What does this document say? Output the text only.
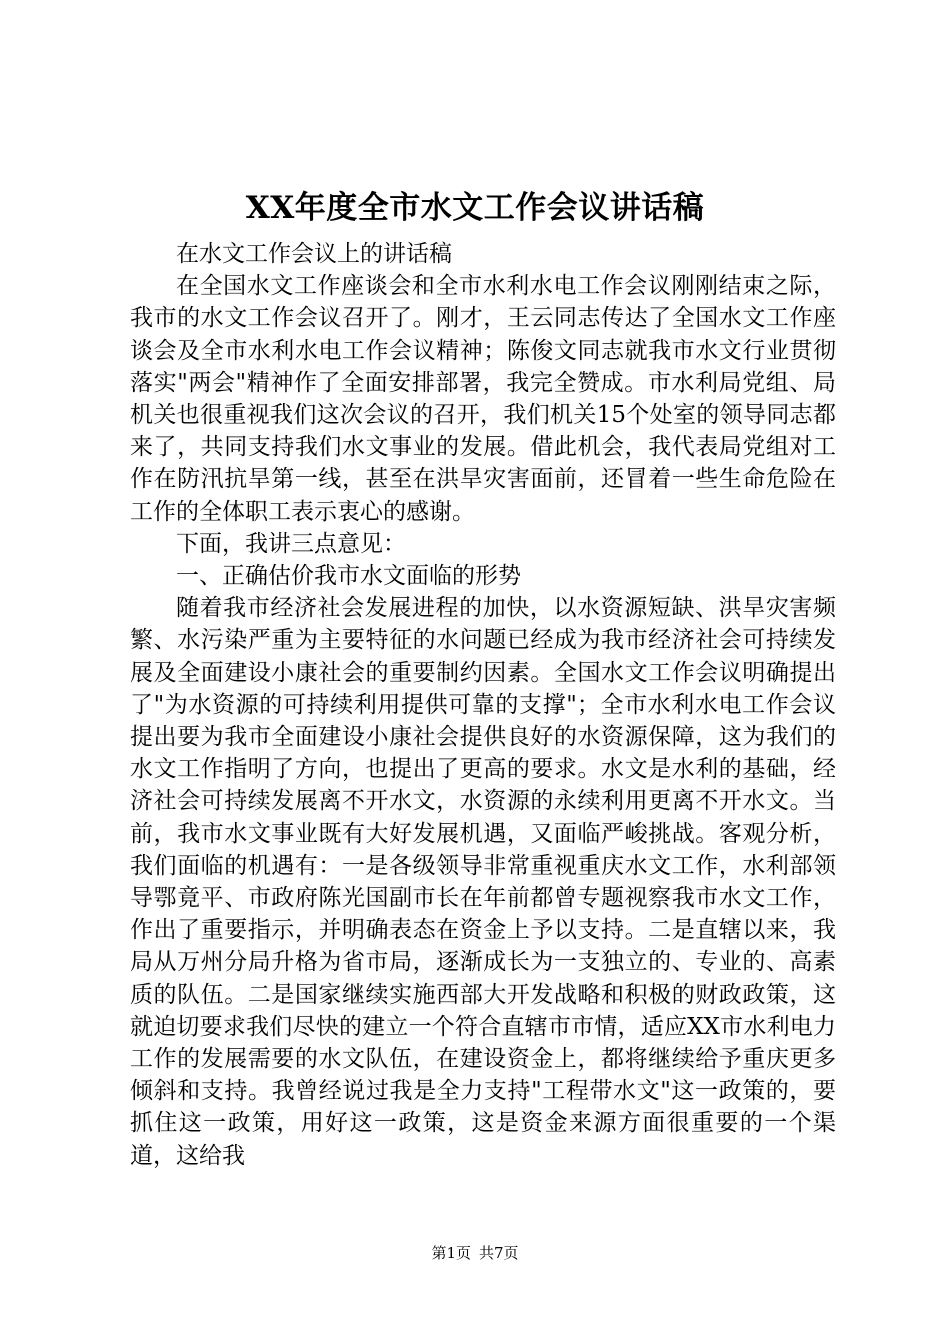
XX年度全市水文工作会议讲话稿

在水文工作会议上的讲话稿

在全国水文工作座谈会和全市水利水电工作会议刚刚结束之际，我市的水文工作会议召开了。刚才，王云同志传达了全国水文工作座谈会及全市水利水电工作会议精神；陈俊文同志就我市水文行业贯彻落实"两会"精神作了全面安排部署，我完全赞成。市水利局党组、局机关也很重视我们这次会议的召开，我们机关15个处室的领导同志都来了，共同支持我们水文事业的发展。借此机会，我代表局党组对工作在防汛抗旱第一线，甚至在洪旱灾害面前，还冒着一些生命危险在工作的全体职工表示衷心的感谢。

下面，我讲三点意见：

一、正确估价我市水文面临的形势

随着我市经济社会发展进程的加快，以水资源短缺、洪旱灾害频繁、水污染严重为主要特征的水问题已经成为我市经济社会可持续发展及全面建设小康社会的重要制约因素。全国水文工作会议明确提出了"为水资源的可持续利用提供可靠的支撑"；全市水利水电工作会议提出要为我市全面建设小康社会提供良好的水资源保障，这为我们的水文工作指明了方向，也提出了更高的要求。水文是水利的基础，经济社会可持续发展离不开水文，水资源的永续利用更离不开水文。当前，我市水文事业既有大好发展机遇，又面临严峻挑战。客观分析，我们面临的机遇有：一是各级领导非常重视重庆水文工作，水利部领导鄂竟平、市政府陈光国副市长在年前都曾专题视察我市水文工作，作出了重要指示，并明确表态在资金上予以支持。二是直辖以来，我局从万州分局升格为省市局，逐渐成长为一支独立的、专业的、高素质的队伍。二是国家继续实施西部大开发战略和积极的财政政策，这就迫切要求我们尽快的建立一个符合直辖市市情，适应XX市水利电力工作的发展需要的水文队伍，在建设资金上，都将继续给予重庆更多倾斜和支持。我曾经说过我是全力支持"工程带水文"这一政策的，要抓住这一政策，用好这一政策，这是资金来源方面很重要的一个渠道，这给我

第1页 共7页
